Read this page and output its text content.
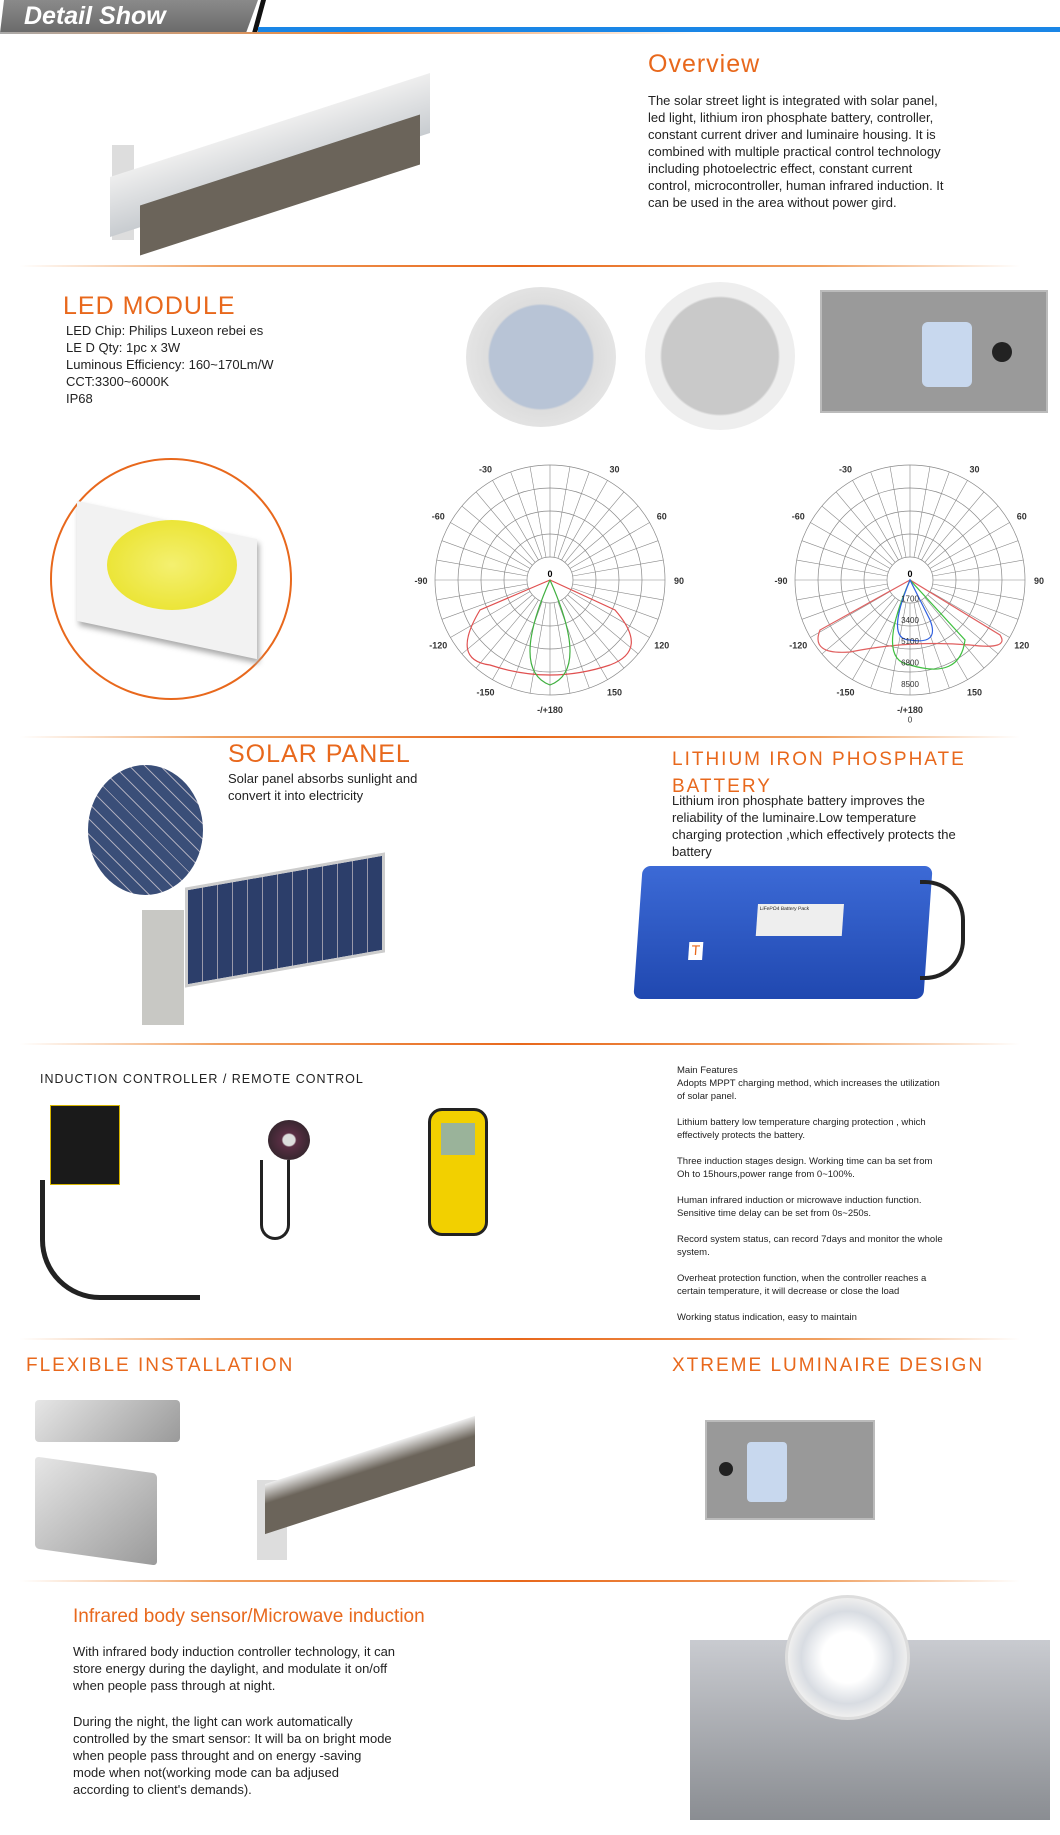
Detail Show
Overview
The solar street light is integrated with solar panel, led light, lithium iron phosphate battery, controller, constant current driver and luminaire housing. It is combined with multiple practical control technology including photoelectric effect, constant current control, microcontroller, human infrared induction. It can be used in the area without power gird.
LED MODULE
LED Chip: Philips Luxeon rebei es
LE D Qty: 1pc x 3W
Luminous Efficiency: 160~170Lm/W
CCT:3300~6000K
IP68
-/+180
-150	150
-120	120
-90	90
-60	60
-30	30
0
-/+180
-150	150
-120	120
-90	90
-60	60
-30	30
0
1700
3400
5100
6800
8500
0
SOLAR PANEL
Solar panel absorbs sunlight and convert it into electricity
LITHIUM IRON PHOSPHATE BATTERY
Lithium iron phosphate battery improves the reliability of the luminaire.Low temperature charging protection ,which effectively protects the battery
LiFePO4 Battery Pack
T
INDUCTION CONTROLLER / REMOTE CONTROL
Main Features
Adopts MPPT charging method, which increases the utilization of solar panel.
Lithium battery low temperature charging protection , which effectively protects the battery.
Three induction stages design. Working time can ba set from Oh to 15hours,power range from 0~100%.
Human infrared induction or microwave induction function. Sensitive time delay can be set from 0s~250s.
Record system status, can record 7days and monitor the whole system.
Overheat protection function, when the controller reaches a certain temperature, it will decrease or close the load
Working status indication, easy to maintain
FLEXIBLE INSTALLATION	XTREME LUMINAIRE DESIGN
Infrared body sensor/Microwave induction
With infrared body induction controller technology, it can store energy during the daylight, and modulate it on/off when people pass through at night.
During the night, the light can work automatically controlled by the smart sensor: It will ba on bright mode when people pass throught and on energy -saving mode when not(working mode can ba adjused according to client's demands).
